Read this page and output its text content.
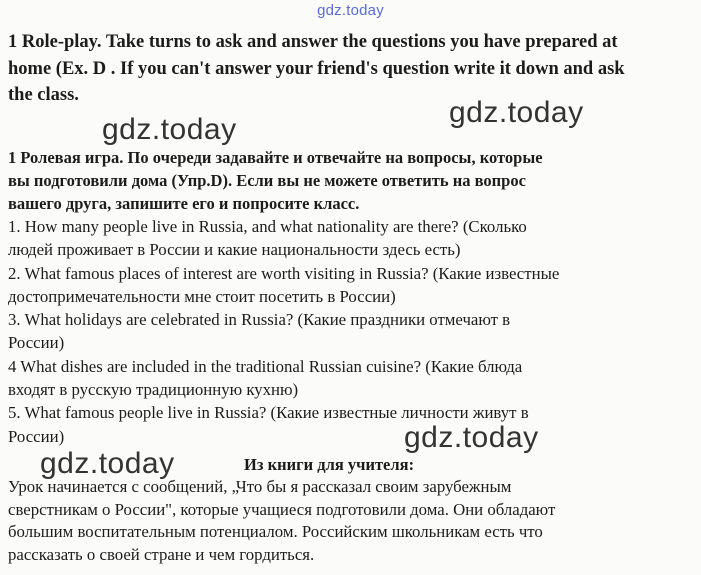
gdz.today
1 Role-play. Take turns to ask and answer the questions you have prepared at
home (Ex. D . If you can't answer your friend's question write it down and ask
the class.
gdz.today
gdz.today
1 Ролевая игра. По очереди задавайте и отвечайте на вопросы, которые
вы подготовили дома (Упр.D). Если вы не можете ответить на вопрос
вашего друга, запишите его и попросите класс.
1. How many people live in Russia, and what nationality are there? (Сколько
людей проживает в России и какие национальности здесь есть)
2. What famous places of interest are worth visiting in Russia? (Какие известные
достопримечательности мне стоит посетить в России)
3. What holidays are celebrated in Russia? (Какие праздники отмечают в
России)
4 What dishes are included in the traditional Russian cuisine? (Какие блюда
входят в русскую традиционную кухню)
5. What famous people live in Russia? (Какие известные личности живут в
России)	gdz.today
gdz.today	Из книги для учителя:
Урок начинается с сообщений, „Что бы я рассказал своим зарубежным
сверстникам о России", которые учащиеся подготовили дома. Они обладают
большим воспитательным потенциалом. Российским школьникам есть что
рассказать о своей стране и чем гордиться.
